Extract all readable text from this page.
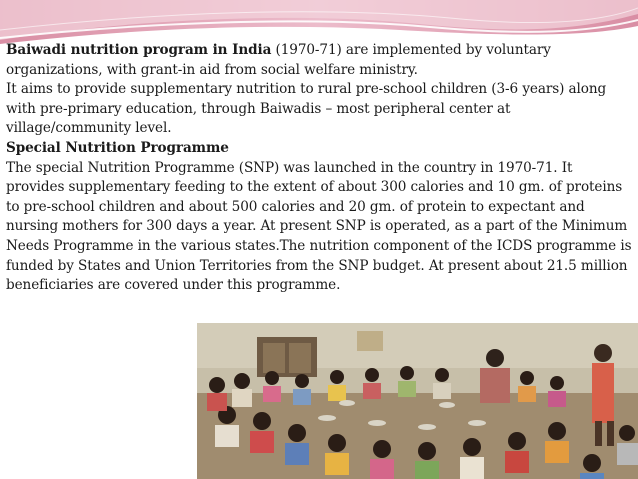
Baiwadi nutrition program in India (1970-71) are implemented by voluntary organizations, with grant-in aid from social welfare ministry.

It aims to provide supplementary nutrition to rural pre-school children (3-6 years) along with pre-primary education, through Baiwadis – most peripheral center at village/community level.

Special Nutrition Programme

The special Nutrition Programme (SNP) was launched in the country in 1970-71. It provides supplementary feeding to the extent of about 300 calories and 10 gm. of proteins to pre-school children and about 500 calories and 20 gm. of protein to expectant and nursing mothers for 300 days a year. At present SNP is operated, as a part of the Minimum Needs Programme in the various states.The nutrition component of the ICDS programme is funded by States and Union Territories from the SNP budget. At present about 21.5 million beneficiaries are covered under this programme.
